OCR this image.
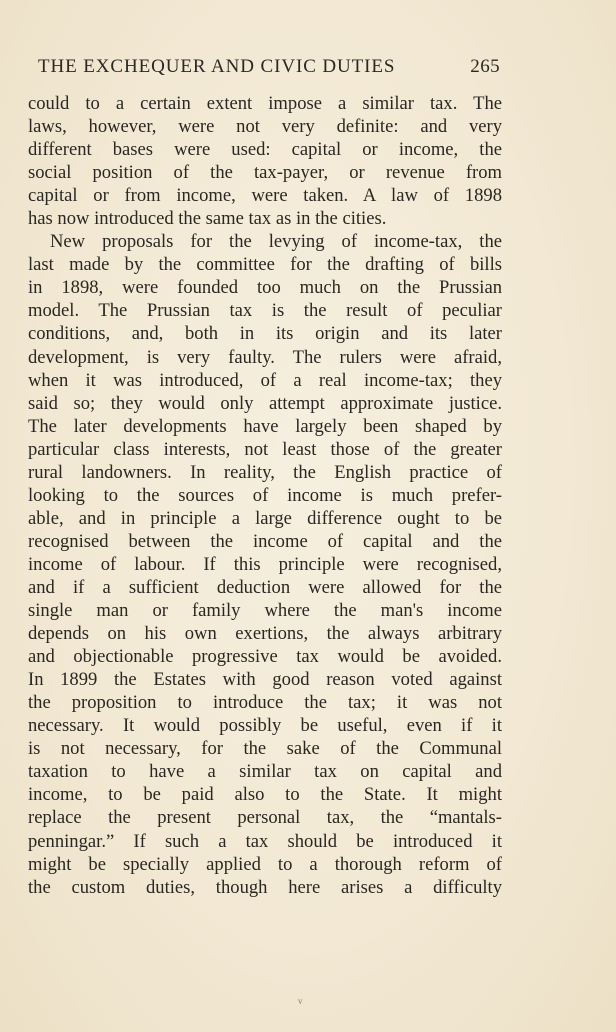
THE EXCHEQUER AND CIVIC DUTIES	265
could to a certain extent impose a similar tax. The
laws, however, were not very definite: and very
different bases were used: capital or income, the
social position of the tax-payer, or revenue from
capital or from income, were taken. A law of 1898
has now introduced the same tax as in the cities.
New proposals for the levying of income-tax, the
last made by the committee for the drafting of bills
in 1898, were founded too much on the Prussian
model. The Prussian tax is the result of peculiar
conditions, and, both in its origin and its later
development, is very faulty. The rulers were afraid,
when it was introduced, of a real income-tax; they
said so; they would only attempt approximate justice.
The later developments have largely been shaped by
particular class interests, not least those of the greater
rural landowners. In reality, the English practice of
looking to the sources of income is much prefer-
able, and in principle a large difference ought to be
recognised between the income of capital and the
income of labour. If this principle were recognised,
and if a sufficient deduction were allowed for the
single man or family where the man's income
depends on his own exertions, the always arbitrary
and objectionable progressive tax would be avoided.
In 1899 the Estates with good reason voted against
the proposition to introduce the tax; it was not
necessary. It would possibly be useful, even if it
is not necessary, for the sake of the Communal
taxation to have a similar tax on capital and
income, to be paid also to the State. It might
replace the present personal tax, the “mantals-
penningar.” If such a tax should be introduced it
might be specially applied to a thorough reform of
the custom duties, though here arises a difficulty
v
